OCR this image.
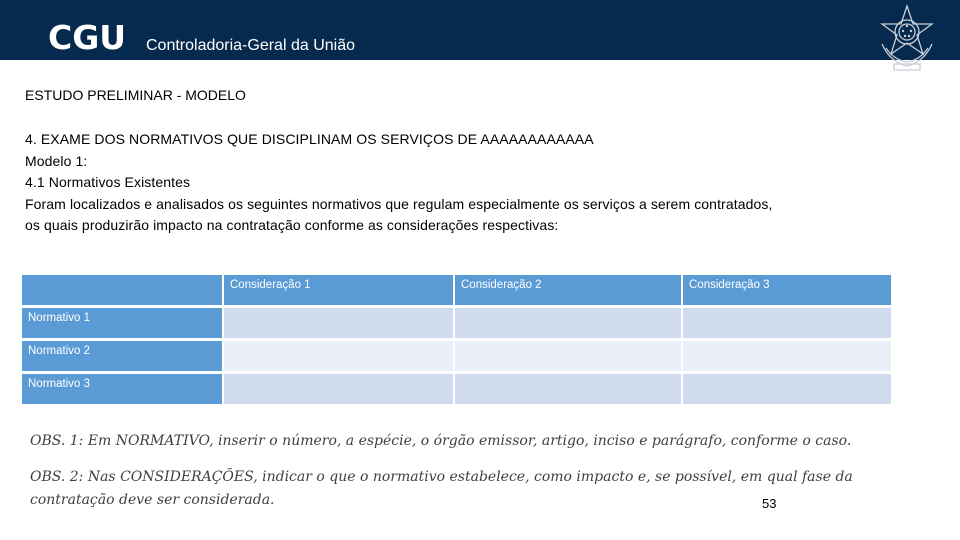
CGU Controladoria-Geral da União
ESTUDO PRELIMINAR - MODELO
4. EXAME DOS NORMATIVOS QUE DISCIPLINAM OS SERVIÇOS DE AAAAAAAAAAAA
Modelo 1:
4.1 Normativos Existentes
Foram localizados e analisados os seguintes normativos que regulam especialmente os serviços a serem contratados,
os quais produzirão impacto na contratação conforme as considerações respectivas:
	Consideração 1	Consideração 2	Consideração 3
Normativo 1			
Normativo 2			
Normativo 3			
OBS. 1: Em NORMATIVO, inserir o número, a espécie, o órgão emissor, artigo, inciso e parágrafo, conforme o caso.
OBS. 2: Nas CONSIDERAÇÕES, indicar o que o normativo estabelece, como impacto e, se possível, em qual fase da
contratação deve ser considerada.	53
